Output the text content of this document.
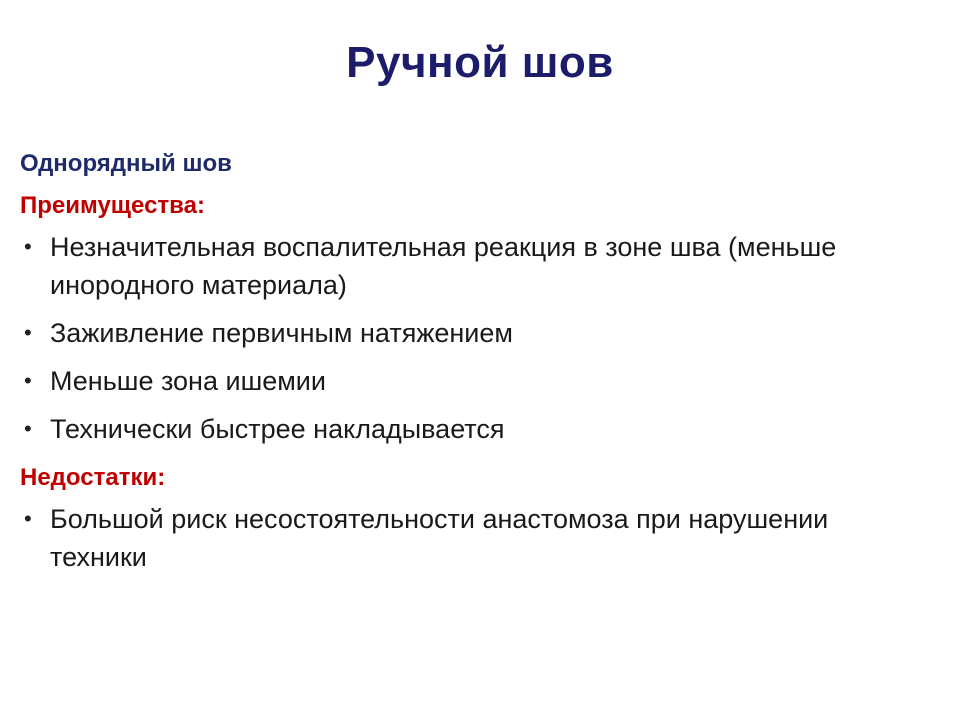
Ручной шов
Однорядный шов
Преимущества:
• Незначительная воспалительная реакция в зоне шва (меньше инородного материала)
• Заживление первичным натяжением
• Меньше зона ишемии
• Технически быстрее накладывается
Недостатки:
• Большой риск несостоятельности анастомоза при нарушении техники
